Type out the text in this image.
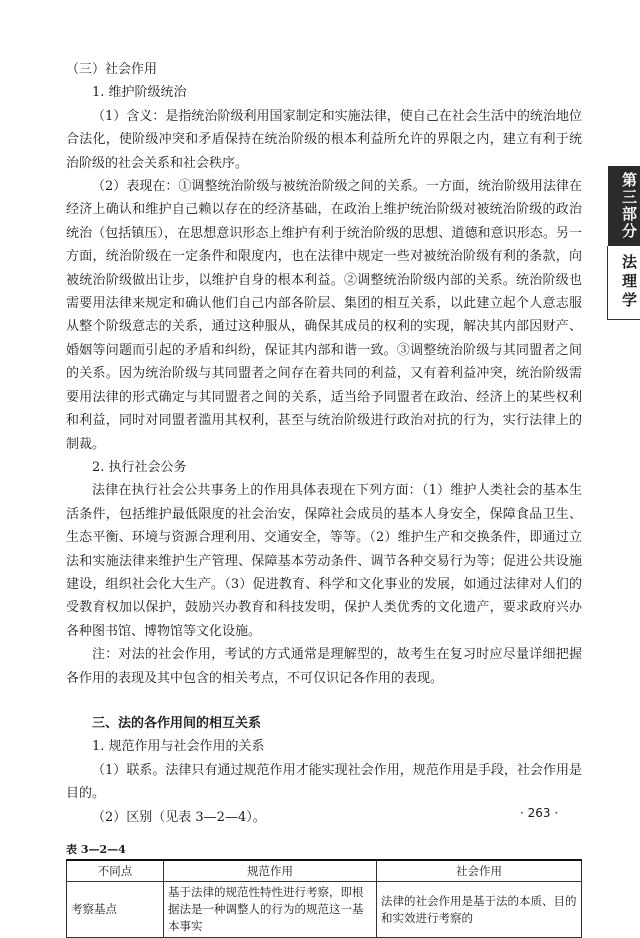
第三部分
法理学

（三）社会作用

1. 维护阶级统治

（1）含义：是指统治阶级利用国家制定和实施法律，使自己在社会生活中的统治地位合法化，使阶级冲突和矛盾保持在统治阶级的根本利益所允许的界限之内，建立有利于统治阶级的社会关系和社会秩序。

（2）表现在：①调整统治阶级与被统治阶级之间的关系。一方面，统治阶级用法律在经济上确认和维护自己赖以存在的经济基础，在政治上维护统治阶级对被统治阶级的政治统治（包括镇压），在思想意识形态上维护有利于统治阶级的思想、道德和意识形态。另一方面，统治阶级在一定条件和限度内，也在法律中规定一些对被统治阶级有利的条款，向被统治阶级做出让步，以维护自身的根本利益。②调整统治阶级内部的关系。统治阶级也需要用法律来规定和确认他们自己内部各阶层、集团的相互关系，以此建立起个人意志服从整个阶级意志的关系，通过这种服从，确保其成员的权利的实现，解决其内部因财产、婚姻等问题而引起的矛盾和纠纷，保证其内部和谐一致。③调整统治阶级与其同盟者之间的关系。因为统治阶级与其同盟者之间存在着共同的利益，又有着利益冲突，统治阶级需要用法律的形式确定与其同盟者之间的关系，适当给予同盟者在政治、经济上的某些权利和利益，同时对同盟者滥用其权利，甚至与统治阶级进行政治对抗的行为，实行法律上的制裁。

2. 执行社会公务

法律在执行社会公共事务上的作用具体表现在下列方面：（1）维护人类社会的基本生活条件，包括维护最低限度的社会治安，保障社会成员的基本人身安全，保障食品卫生、生态平衡、环境与资源合理利用、交通安全，等等。（2）维护生产和交换条件，即通过立法和实施法律来维护生产管理、保障基本劳动条件、调节各种交易行为等；促进公共设施建设，组织社会化大生产。（3）促进教育、科学和文化事业的发展，如通过法律对人们的受教育权加以保护，鼓励兴办教育和科技发明，保护人类优秀的文化遗产，要求政府兴办各种图书馆、博物馆等文化设施。

注：对法的社会作用，考试的方式通常是理解型的，故考生在复习时应尽量详细把握各作用的表现及其中包含的相关考点，不可仅识记各作用的表现。

三、法的各作用间的相互关系

1. 规范作用与社会作用的关系

（1）联系。法律只有通过规范作用才能实现社会作用，规范作用是手段，社会作用是目的。

（2）区别（见表 3—2—4）。

表 3—2—4
不同点	规范作用	社会作用
考察基点	基于法律的规范性特性进行考察，即根据法是一种调整人的行为的规范这一基本事实	法律的社会作用是基于法的本质、目的和实效进行考察的
· 263 ·
